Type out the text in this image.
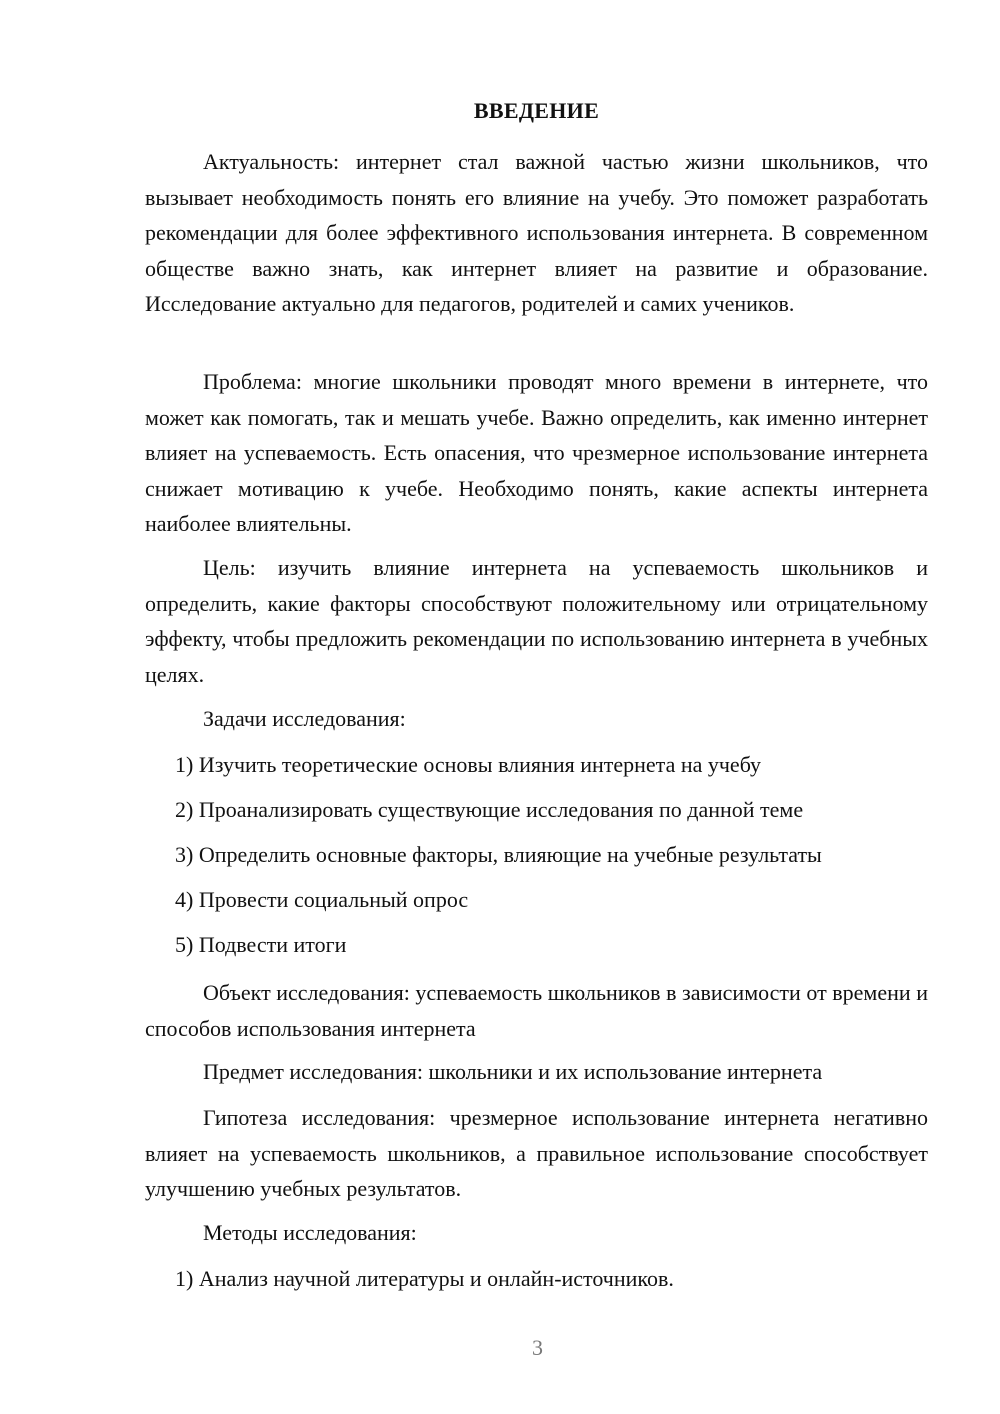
ВВЕДЕНИЕ

Актуальность: интернет стал важной частью жизни школьников, что вызывает необходимость понять его влияние на учебу. Это поможет разработать рекомендации для более эффективного использования интернета. В современном обществе важно знать, как интернет влияет на развитие и образование. Исследование актуально для педагогов, родителей и самих учеников.

Проблема: многие школьники проводят много времени в интернете, что может как помогать, так и мешать учебе. Важно определить, как именно интернет влияет на успеваемость. Есть опасения, что чрезмерное использование интернета снижает мотивацию к учебе. Необходимо понять, какие аспекты интернета наиболее влиятельны.

Цель: изучить влияние интернета на успеваемость школьников и определить, какие факторы способствуют положительному или отрицательному эффекту, чтобы предложить рекомендации по использованию интернета в учебных целях.

Задачи исследования:
1) Изучить теоретические основы влияния интернета на учебу
2) Проанализировать существующие исследования по данной теме
3) Определить основные факторы, влияющие на учебные результаты
4) Провести социальный опрос
5) Подвести итоги

Объект исследования: успеваемость школьников в зависимости от времени и способов использования интернета

Предмет исследования: школьники и их использование интернета

Гипотеза исследования: чрезмерное использование интернета негативно влияет на успеваемость школьников, а правильное использование способствует улучшению учебных результатов.

Методы исследования:
1) Анализ научной литературы и онлайн-источников.
3
